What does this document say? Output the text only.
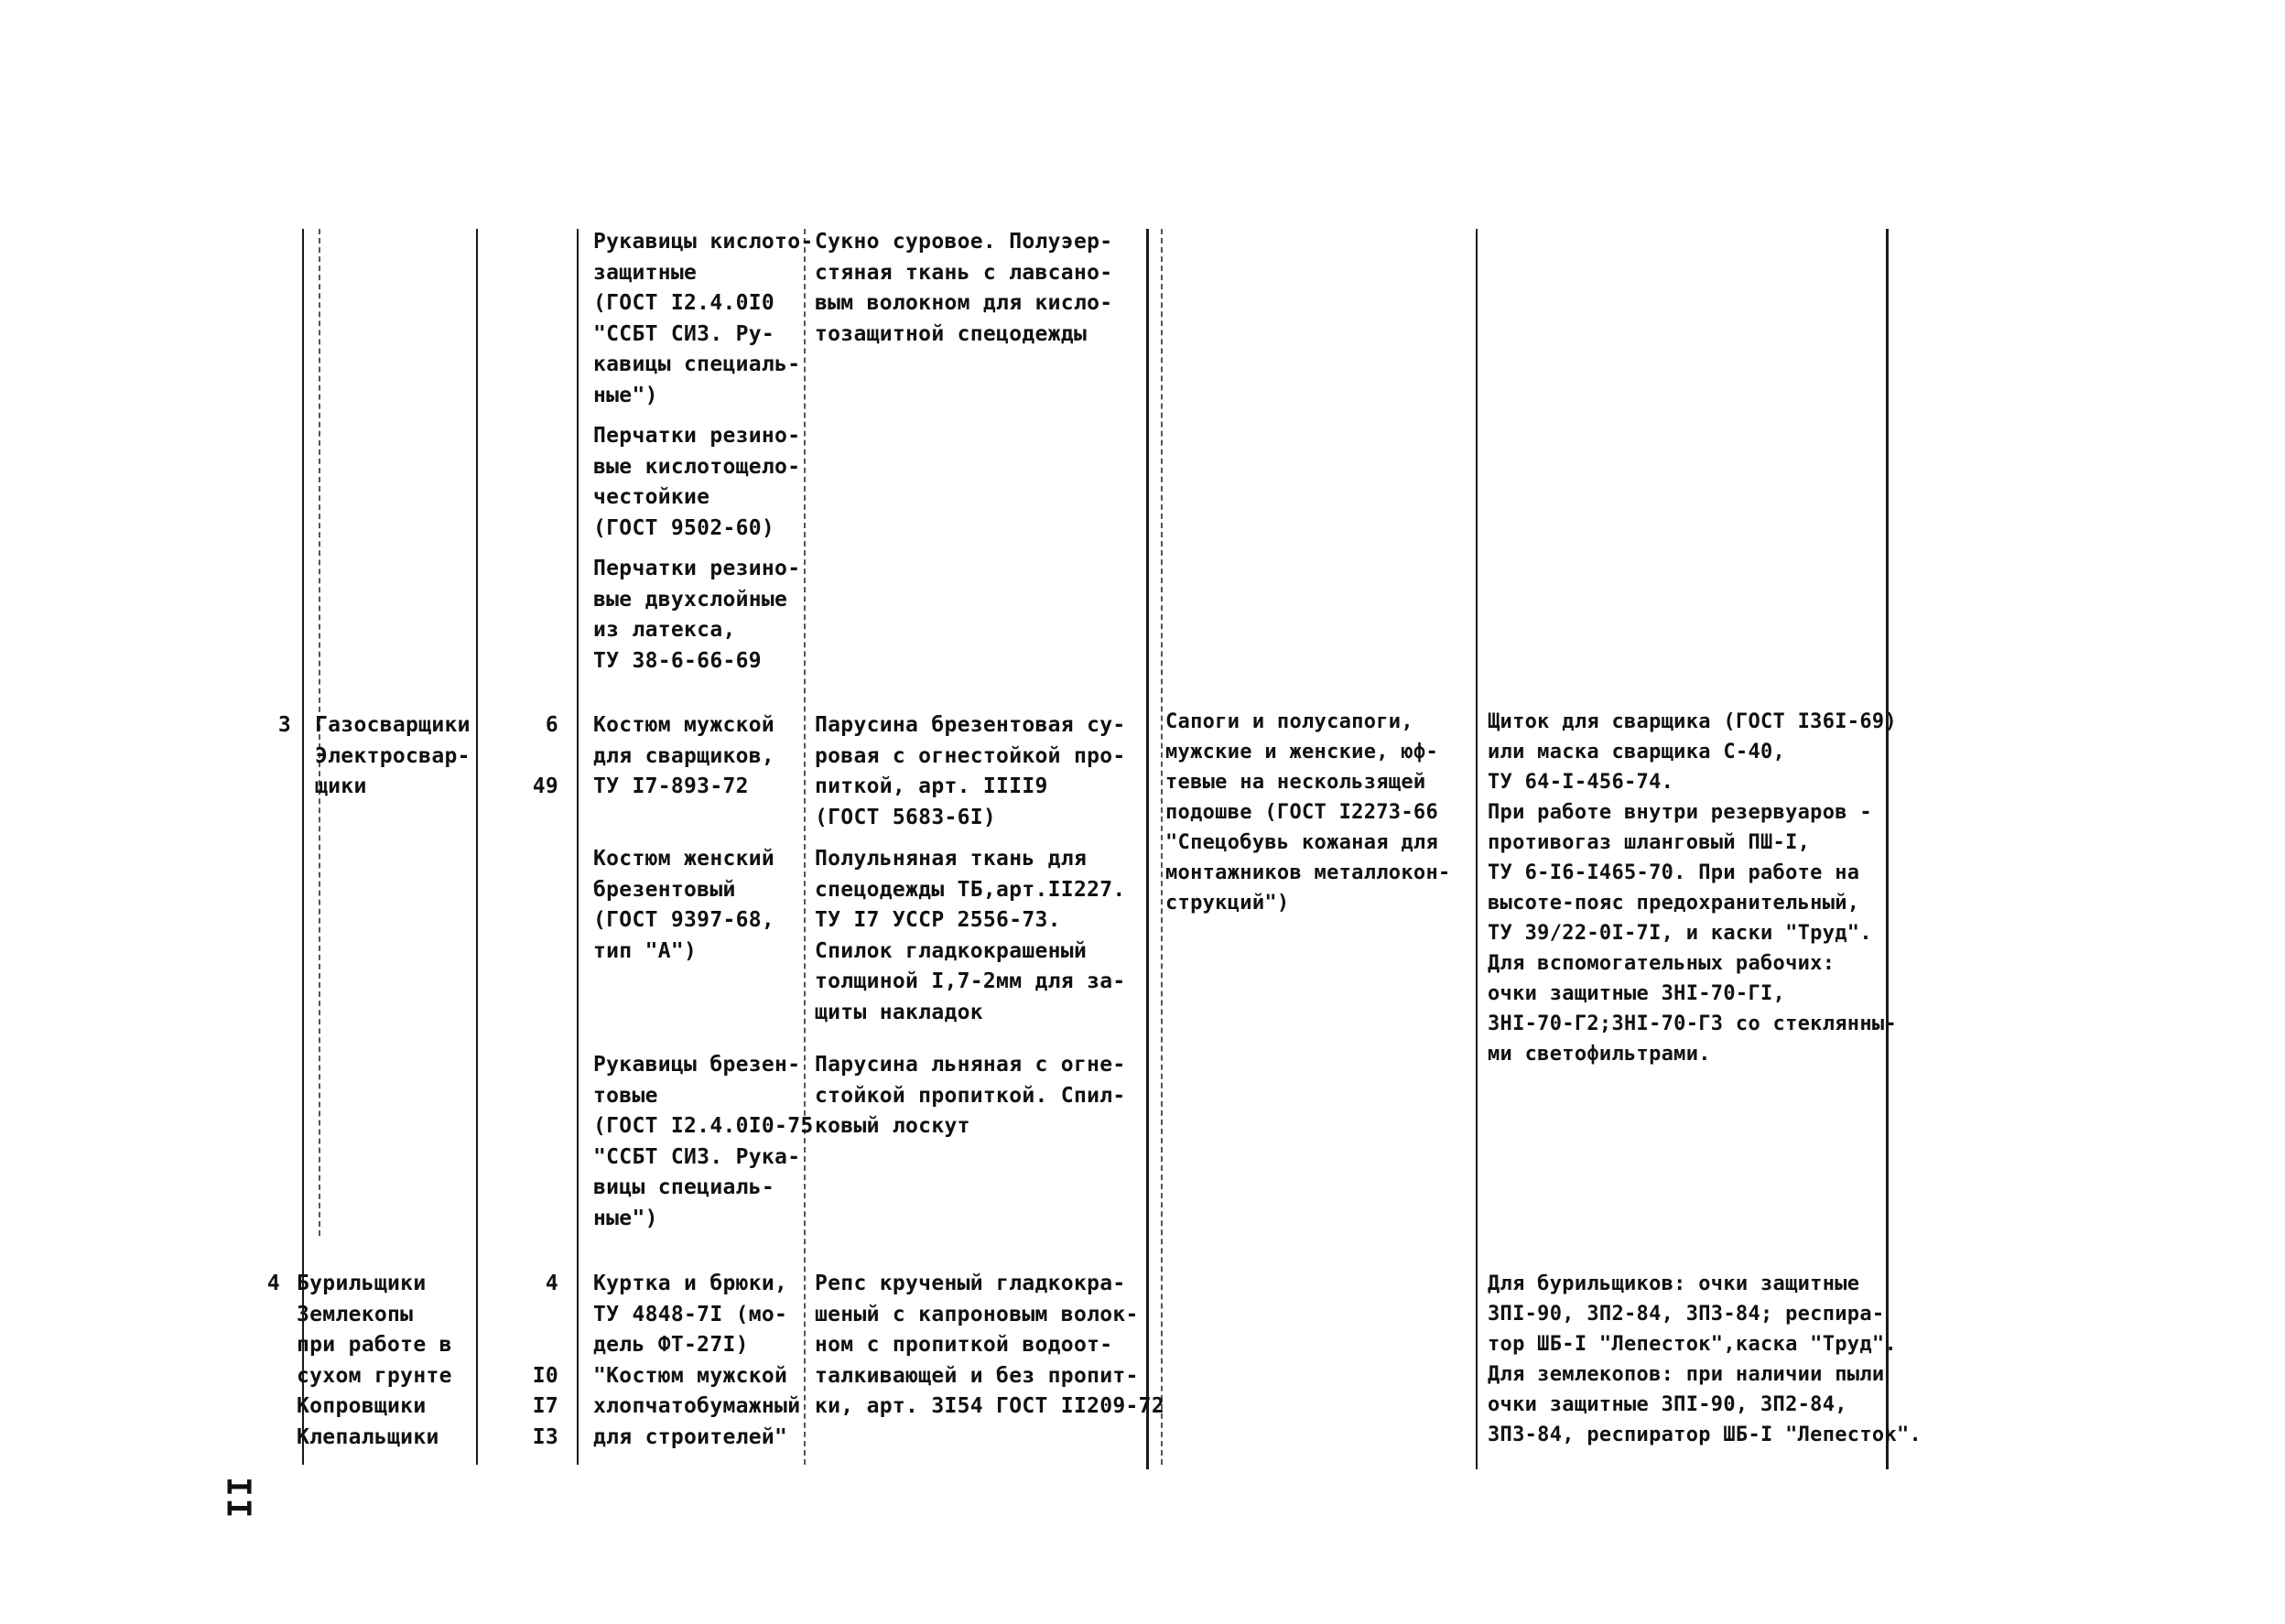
Рукавицы кислото-
защитные
(ГОСТ I2.4.0I0
"ССБТ СИЗ. Ру-
кавицы специаль-
ные")
Сукно суровое. Полуэер-
стяная ткань с лавсано-
вым волокном для кисло-
тозащитной спецодежды
Перчатки резино-
вые кислотощело-
честойкие
(ГОСТ 9502-60)
Перчатки резино-
вые двухслойные
из латекса,
ТУ 38-6-66-69
3 Газосварщики
Электросвар-
щики
6

49
Костюм мужской
для сварщиков,
ТУ I7-893-72
Парусина брезентовая су-
ровая с огнестойкой про-
питкой, арт. IIII9
(ГОСТ 5683-6I)
Костюм женский
брезентовый
(ГОСТ 9397-68,
тип "А")
Полульняная ткань для
спецодежды ТБ,арт.II227.
ТУ I7 УССР 2556-73.
Спилок гладкокрашеный
толщиной I,7-2мм для за-
щиты накладок
Рукавицы брезен-
товые
(ГОСТ I2.4.0I0-75
"ССБТ СИЗ. Рука-
вицы специаль-
ные")
Парусина льняная с огне-
стойкой пропиткой. Спил-
ковый лоскут
Сапоги и полусапоги,
мужские и женские, юф-
тевые на нескользящей
подошве (ГОСТ I2273-66
"Спецобувь кожаная для
монтажников металлокон-
струкций")
Щиток для сварщика (ГОСТ I36I-69)
или маска сварщика С-40,
ТУ 64-I-456-74.
При работе внутри резервуаров -
противогаз шланговый ПШ-I,
ТУ 6-I6-I465-70. При работе на
высоте-пояс предохранительный,
ТУ 39/22-0I-7I, и каски "Труд".
Для вспомогательных рабочих:
очки защитные ЗНI-70-ГI,
ЗНI-70-Г2;ЗНI-70-Г3 со стеклянны-
ми светофильтрами.
4 Бурильщики
Землекопы
при работе в
сухом грунте
Копровщики
Клепальщики
4

I0
I7
I3
Куртка и брюки,
ТУ 4848-7I (мо-
дель ФТ-27I)
"Костюм мужской
хлопчатобумажный
для строителей"
Репс крученый гладкокра-
шеный с капроновым волок-
ном с пропиткой водоот-
талкивающей и без пропит-
ки, арт. 3I54 ГОСТ II209-72
Для бурильщиков: очки защитные
ЗПI-90, ЗП2-84, ЗП3-84; респира-
тор ШБ-I "Лепесток",каска "Труд".
Для землекопов: при наличии пыли
очки защитные ЗПI-90, ЗП2-84,
ЗП3-84, респиратор ШБ-I "Лепесток".
II
